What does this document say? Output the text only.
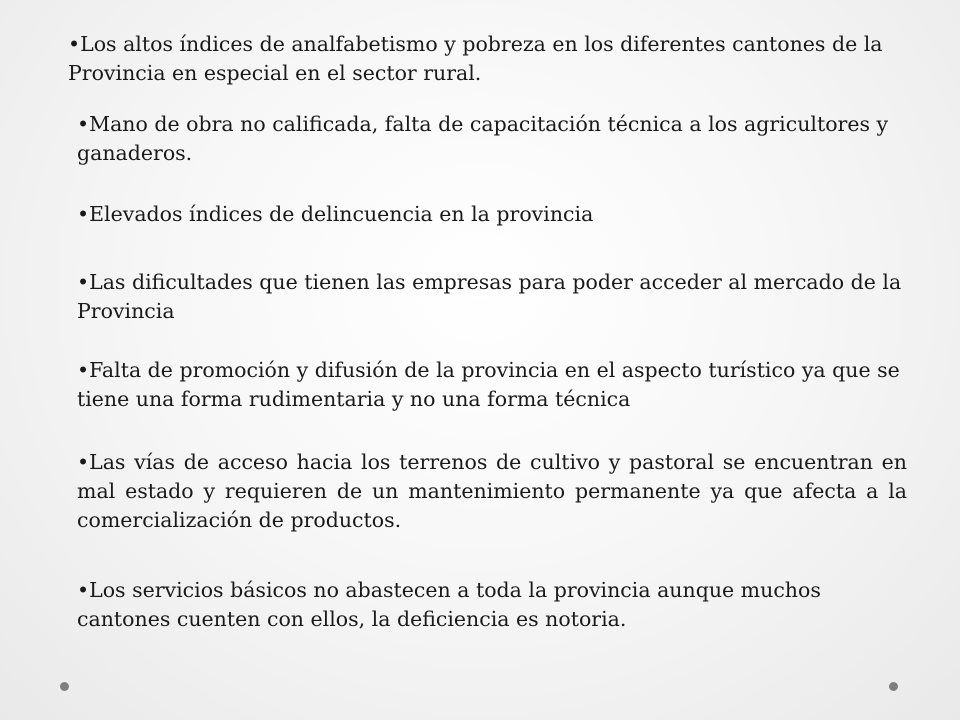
•Los altos índices de analfabetismo y pobreza en los diferentes cantones de la Provincia en especial en el sector rural.

•Mano de obra no calificada, falta de capacitación técnica a los agricultores y ganaderos.

•Elevados índices de delincuencia en la provincia

•Las dificultades que tienen las empresas para poder acceder al mercado de la Provincia

•Falta de promoción y difusión de la provincia en el aspecto turístico ya que se tiene una forma rudimentaria y no una forma técnica

•Las vías de acceso hacia los terrenos de cultivo y pastoral se encuentran en mal estado y requieren de un mantenimiento permanente ya que afecta a la comercialización de productos.

•Los servicios básicos no abastecen a toda la provincia aunque muchos cantones cuenten con ellos, la deficiencia es notoria.
